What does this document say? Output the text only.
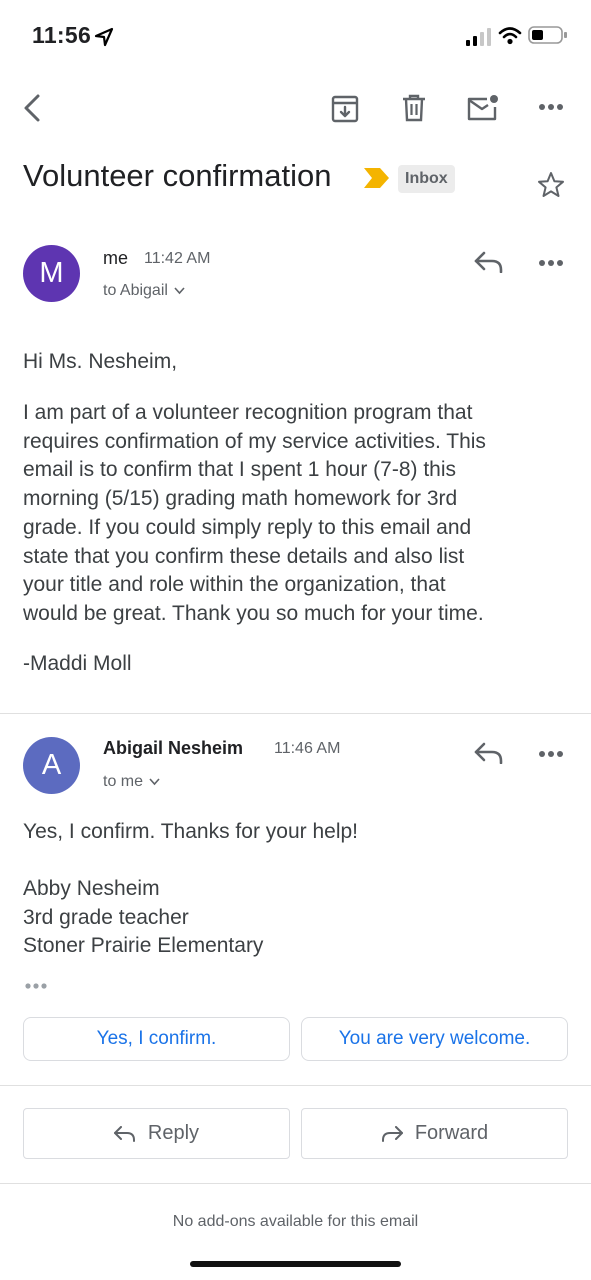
11:56
Volunteer confirmation	Inbox
M me 11:42 AM
to Abigail
Hi Ms. Nesheim,
I am part of a volunteer recognition program that
requires confirmation of my service activities. This
email is to confirm that I spent 1 hour (7-8) this
morning (5/15) grading math homework for 3rd
grade. If you could simply reply to this email and
state that you confirm these details and also list
your title and role within the organization, that
would be great. Thank you so much for your time.
-Maddi Moll
A
Abigail Nesheim 11:46 AM
to me
Yes, I confirm. Thanks for your help!
Abby Nesheim
3rd grade teacher
Stoner Prairie Elementary
Yes, I confirm.	You are very welcome.
Reply	Forward
No add-ons available for this email
